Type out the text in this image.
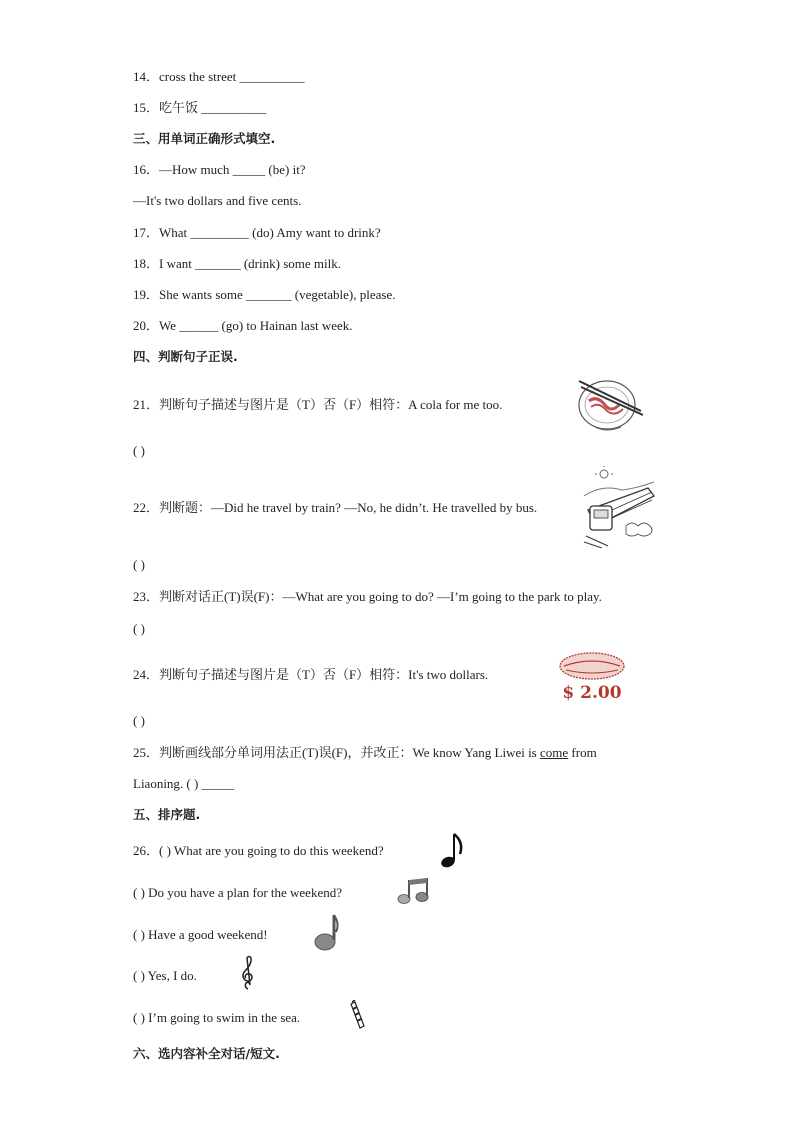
14．cross the street __________
15．吃午饭 __________
三、用单词正确形式填空.
16．—How much _____ (be) it?
—It's two dollars and five cents.
17．What _________ (do) Amy want to drink?
18．I want _______ (drink) some milk.
19．She wants some _______ (vegetable), please.
20．We ______ (go) to Hainan last week.
四、判断句子正误.
21．判断句子描述与图片是（T）否（F）相符：A cola for me too.
( )
22．判断题：—Did he travel by train? —No, he didn’t. He travelled by bus.
( )
23．判断对话正(T)误(F)：—What are you going to do? —I’m going to the park to play.
( )
24．判断句子描述与图片是（T）否（F）相符：It's two dollars.
( )
25．判断画线部分单词用法正(T)误(F)，并改正：We know Yang Liwei is come from
Liaoning. ( ) _____
五、排序题.
26．( ) What are you going to do this weekend?
( ) Do you have a plan for the weekend?
( ) Have a good weekend!
( ) Yes, I do.
( ) I’m going to swim in the sea.
六、选内容补全对话/短文.
$ 2.00
